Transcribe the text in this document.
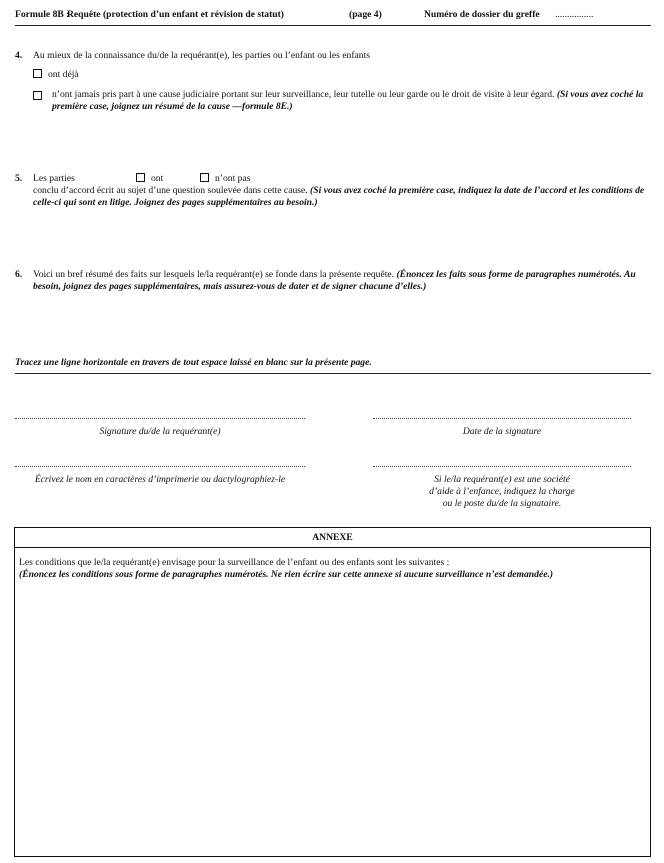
Formule 8B :
Requête (protection d’un enfant et révision de statut)	(page 4)	Numéro de dossier du greffe ................
4. Au mieux de la connaissance du/de la requérant(e), les parties ou l’enfant ou les enfants
ont déjà
n’ont jamais pris part à une cause judiciaire portant sur leur surveillance, leur tutelle ou leur garde ou le droit de visite à leur égard. (Si vous avez coché la première case, joignez un résumé de la cause —formule 8E.)
5. Les parties	ont	n’ont pas
conclu d’accord écrit au sujet d’une question soulevée dans cette cause. (Si vous avez coché la première case, indiquez la date de l’accord et les conditions de celle-ci qui sont en litige. Joignez des pages supplémentaires au besoin.)
6. Voici un bref résumé des faits sur lesquels le/la requérant(e) se fonde dans la présente requête. (Énoncez les faits sous forme de paragraphes numérotés. Au besoin, joignez des pages supplémentaires, mais assurez-vous de dater et de signer chacune d’elles.)
Tracez une ligne horizontale en travers de tout espace laissé en blanc sur la présente page.
Signature du/de la requérant(e)	Date de la signature
Écrivez le nom en caractères d’imprimerie ou dactylographiez-le	Si le/la requérant(e) est une société
d’aide à l’enfance, indiquez la charge
ou le poste du/de la signataire.
ANNEXE
Les conditions que le/la requérant(e) envisage pour la surveillance de l’enfant ou des enfants sont les suivantes :
(Énoncez les conditions sous forme de paragraphes numérotés. Ne rien écrire sur cette annexe si aucune surveillance n’est demandée.)
